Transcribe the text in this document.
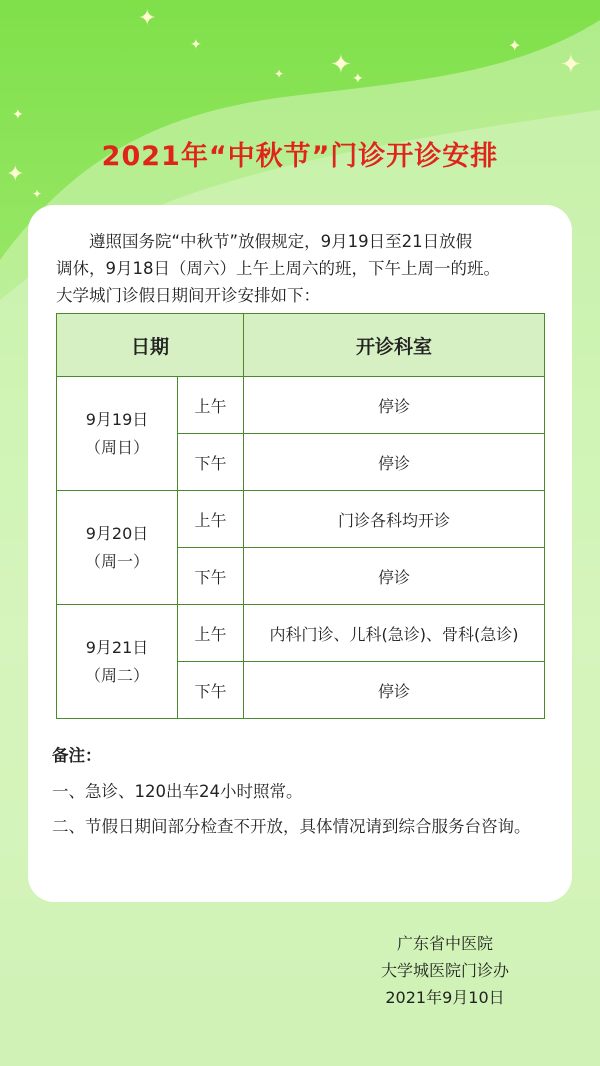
✦
✦
✦ ✦ ✦
✦
✦
✦
✦
✦
2021年“中秋节”门诊开诊安排

遵照国务院“中秋节”放假规定，9月19日至21日放假

调休，9月18日（周六）上午上周六的班，下午上周一的班。

大学城门诊假日期间开诊安排如下：

日期		开诊科室

9月19日
（周日）	上午	停诊
	下午	停诊

9月20日
（周一）	上午	门诊各科均开诊
	下午	停诊

9月21日
（周二）	上午	内科门诊、儿科(急诊)、骨科(急诊)
	下午	停诊
备注：
一、 急诊、120出车24小时照常。
二、 节假日期间部分检查不开放，具体情况请到综合服务台咨询。
广东省中医院
大学城医院门诊办
2021年9月10日
